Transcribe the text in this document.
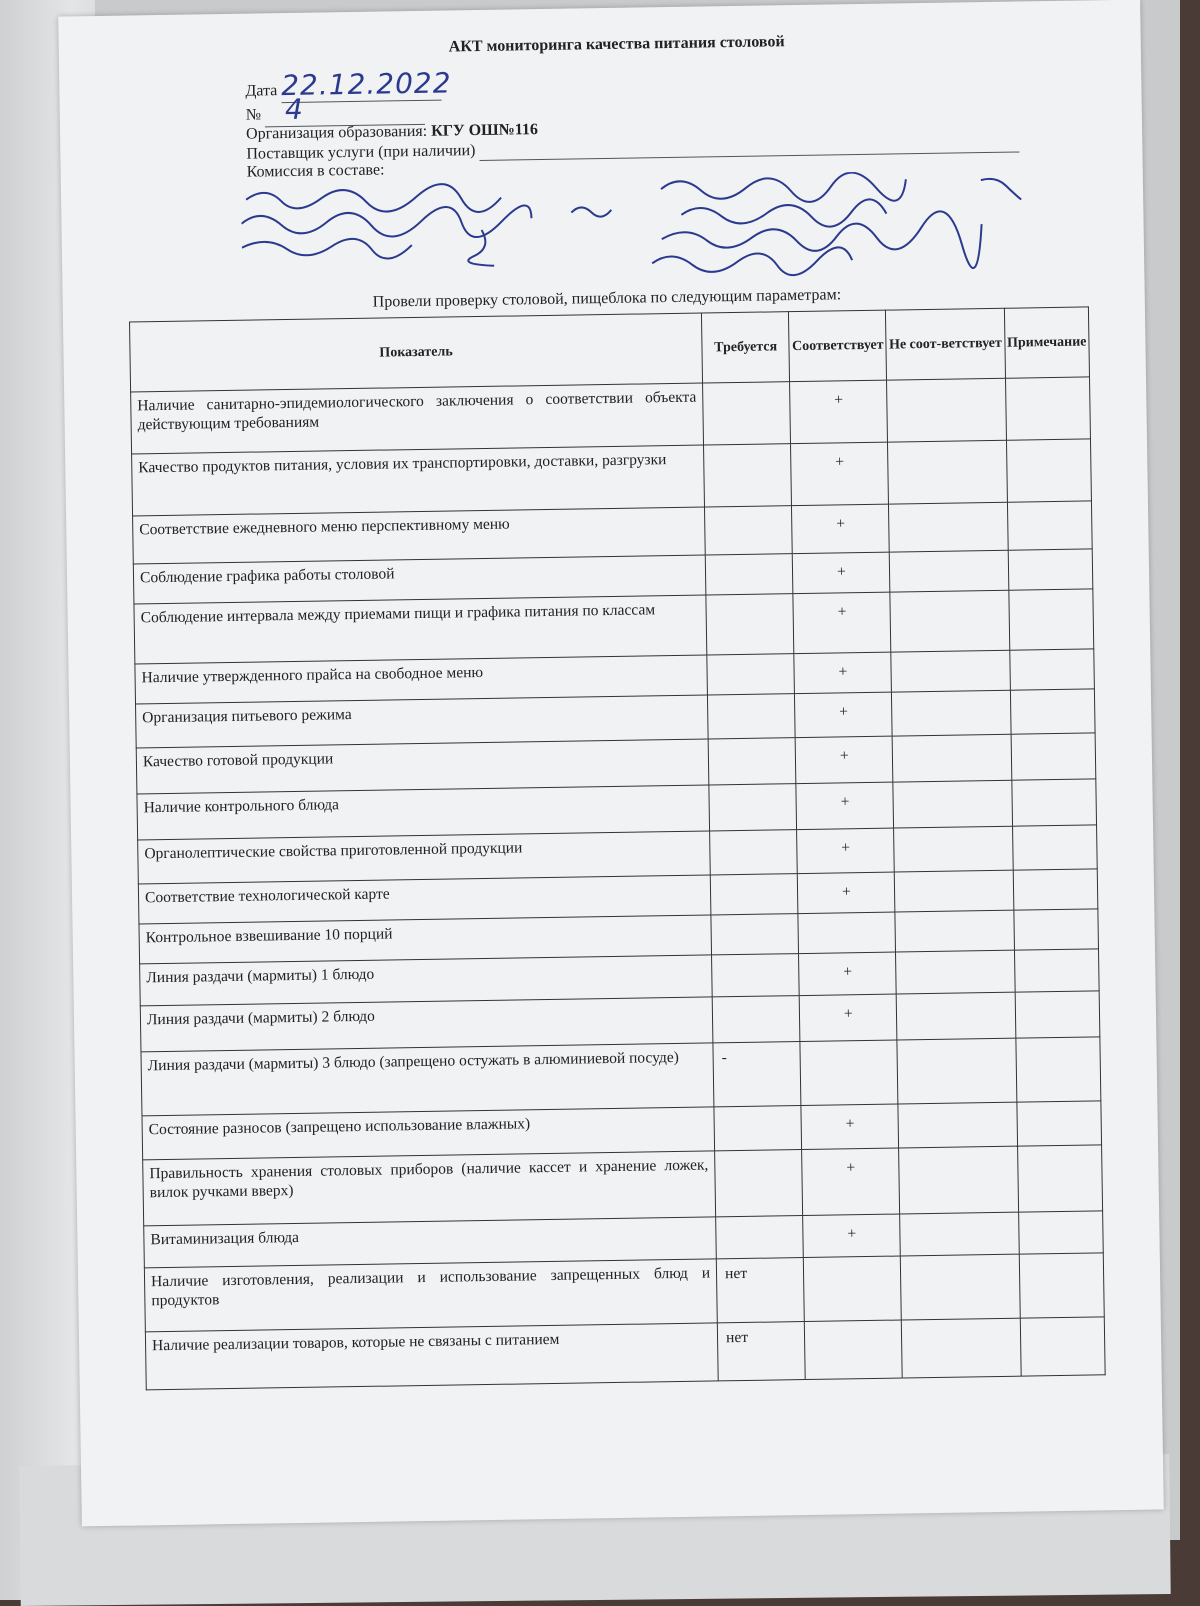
АКТ мониторинга качества питания столовой
Дата 22.12.2022
№ 4
Организация образования: КГУ ОШ№116
Поставщик услуги (при наличии)
Комиссия в составе:
Провели проверку столовой, пищеблока по следующим параметрам:
Показатель	Требуется	Соответствует	Не соот-ветствует	Примечание
Наличие санитарно-эпидемиологического заключения о соответствии объекта действующим требованиям		+		
Качество продуктов питания, условия их транспортировки, доставки, разгрузки		+		
Соответствие ежедневного меню перспективному меню		+		
Соблюдение графика работы столовой		+		
Соблюдение интервала между приемами пищи и графика питания по классам		+		
Наличие утвержденного прайса на свободное меню		+		
Организация питьевого режима		+		
Качество готовой продукции		+		
Наличие контрольного блюда		+		
Органолептические свойства приготовленной продукции		+		
Соответствие технологической карте		+		
Контрольное взвешивание 10 порций				
Линия раздачи (мармиты) 1 блюдо		+		
Линия раздачи (мармиты) 2 блюдо		+		
Линия раздачи (мармиты) 3 блюдо (запрещено остужать в алюминиевой посуде)	-			
Состояние разносов (запрещено использование влажных)		+		
Правильность хранения столовых приборов (наличие кассет и хранение ложек, вилок ручками вверх)		+		
Витаминизация блюда		+		
Наличие изготовления, реализации и использование запрещенных блюд и продуктов	нет			
Наличие реализации товаров, которые не связаны с питанием	нет			
